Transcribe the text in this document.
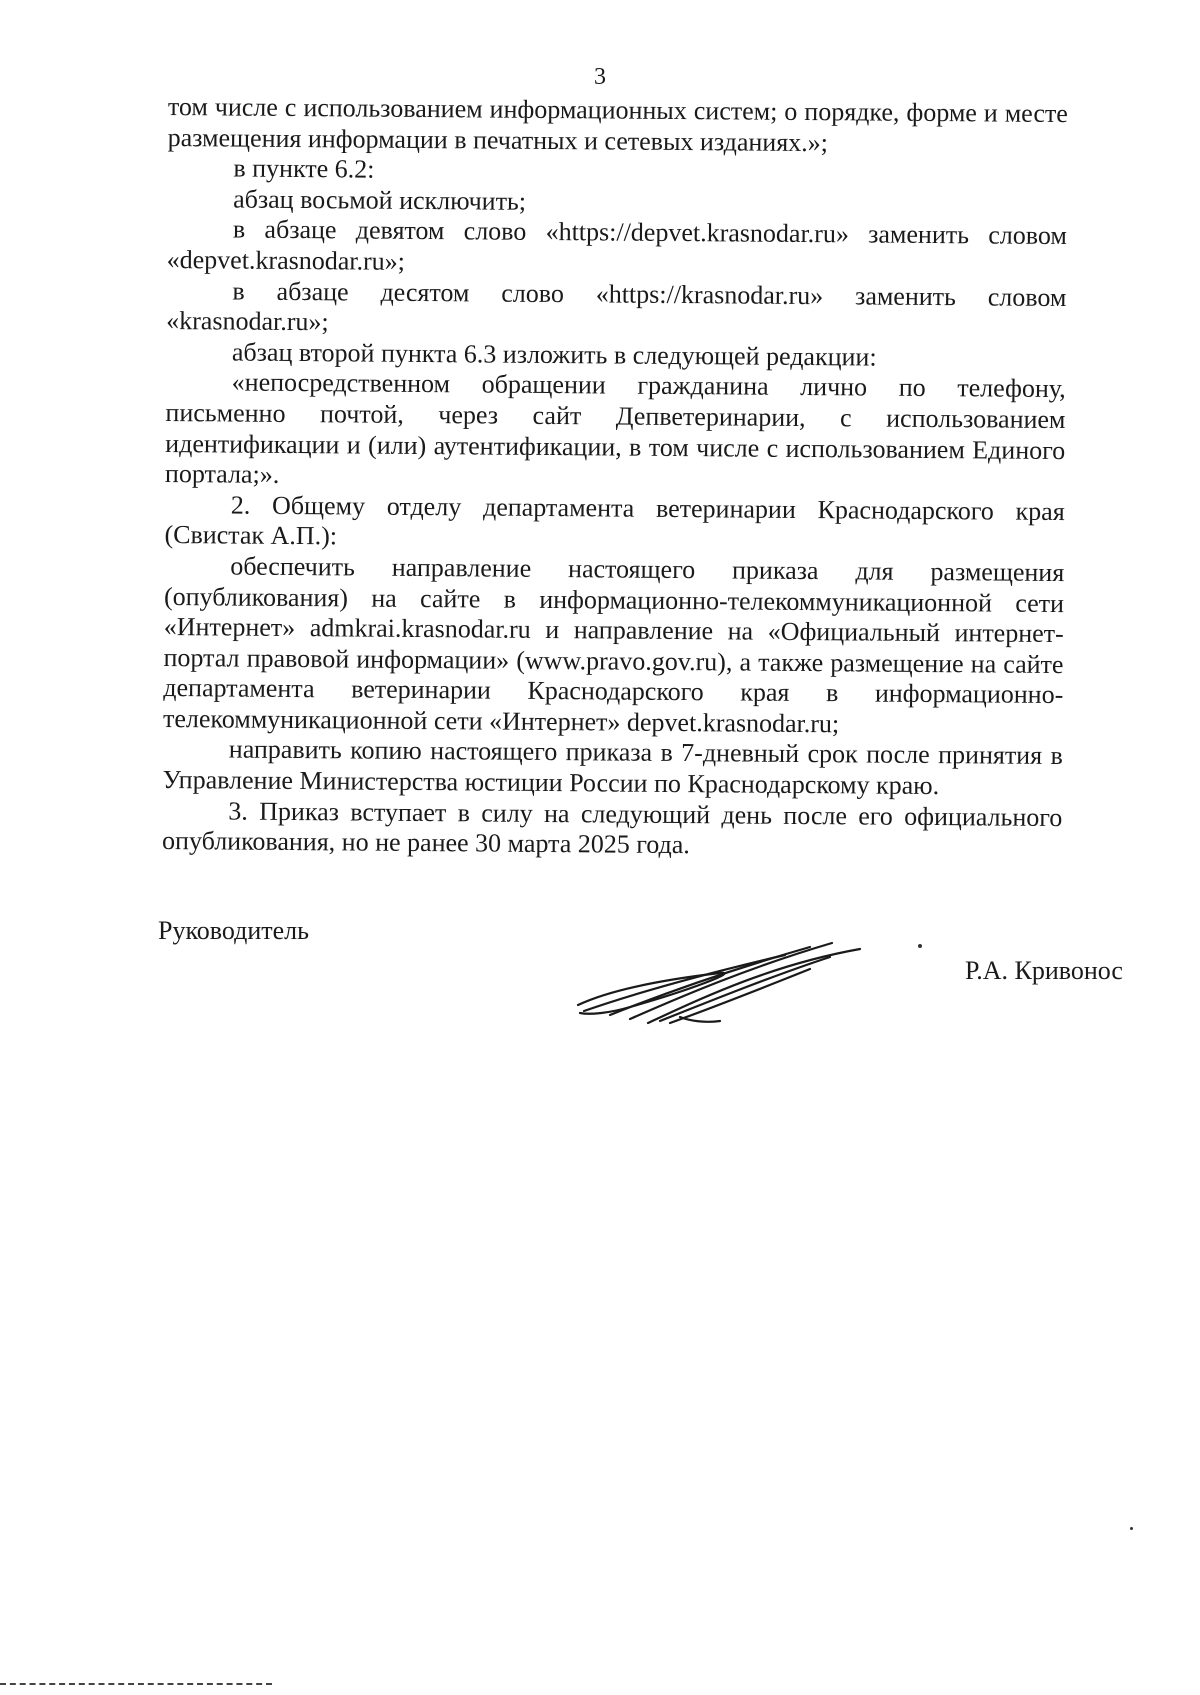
3

том числе с использованием информационных систем; о порядке, форме и месте размещения информации в печатных и сетевых изданиях.»;

в пункте 6.2:

абзац восьмой исключить;

в абзаце девятом слово «https://depvet.krasnodar.ru» заменить словом «depvet.krasnodar.ru»;

в абзаце десятом слово «https://krasnodar.ru» заменить словом «krasnodar.ru»;

абзац второй пункта 6.3 изложить в следующей редакции:

«непосредственном обращении гражданина лично по телефону, письменно почтой, через сайт Депветеринарии, с использованием идентификации и (или) аутентификации, в том числе с использованием Единого портала;».

2. Общему отделу департамента ветеринарии Краснодарского края (Свистак А.П.):

обеспечить направление настоящего приказа для размещения (опубликования) на сайте в информационно-телекоммуникационной сети «Интернет» admkrai.krasnodar.ru и направление на «Официальный интернет-портал правовой информации» (www.pravo.gov.ru), а также размещение на сайте департамента ветеринарии Краснодарского края в информационно-телекоммуникационной сети «Интернет» depvet.krasnodar.ru;

направить копию настоящего приказа в 7-дневный срок после принятия в Управление Министерства юстиции России по Краснодарскому краю.

3. Приказ вступает в силу на следующий день после его официального опубликования, но не ранее 30 марта 2025 года.

Руководитель
Р.А. Кривонос
